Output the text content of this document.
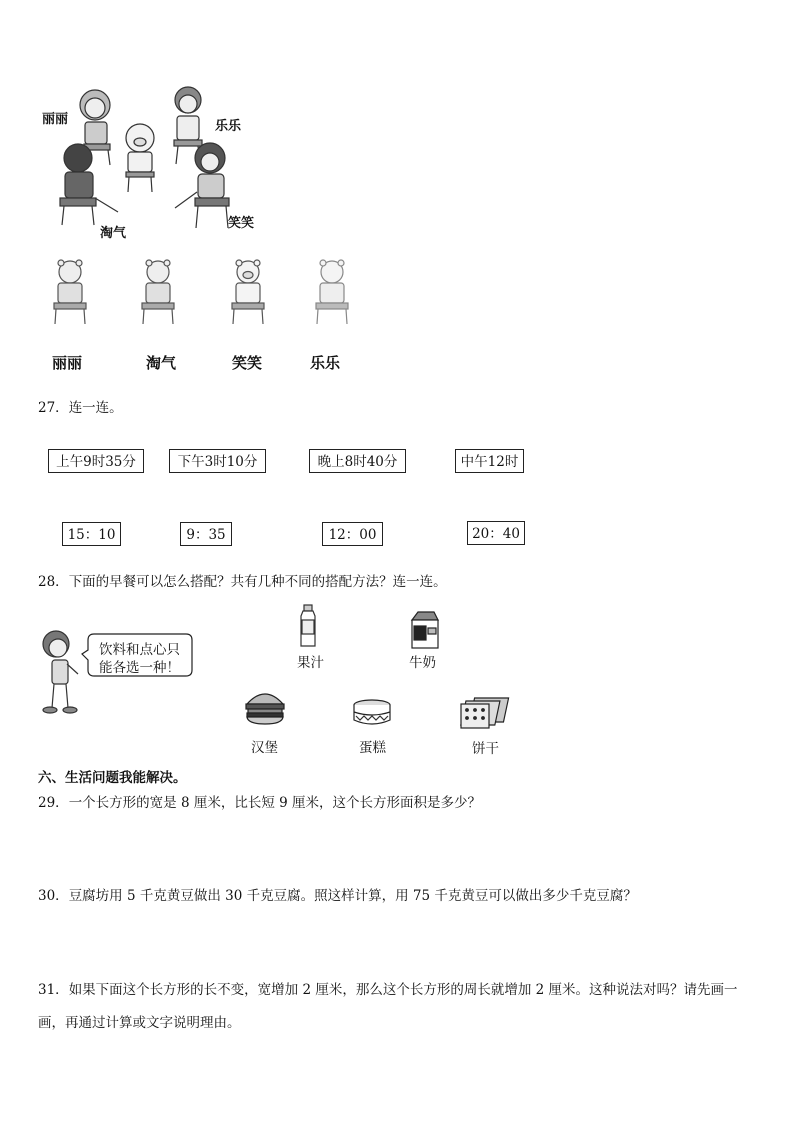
丽丽	乐乐
淘气
笑笑
丽丽	淘气	笑笑	乐乐
27．连一连。
上午9时35分	下午3时10分	晚上8时40分	中午12时
15：10	9：35	12：00	20：40
28．下面的早餐可以怎么搭配？共有几种不同的搭配方法？连一连。
饮料和点心只
能各选一种！	果汁	牛奶
汉堡	蛋糕	饼干
六、生活问题我能解决。
29．一个长方形的宽是 8 厘米，比长短 9 厘米，这个长方形面积是多少？
30．豆腐坊用 5 千克黄豆做出 30 千克豆腐。照这样计算，用 75 千克黄豆可以做出多少千克豆腐？
31．如果下面这个长方形的长不变，宽增加 2 厘米，那么这个长方形的周长就增加 2 厘米。这种说法对吗？请先画一
画，再通过计算或文字说明理由。
